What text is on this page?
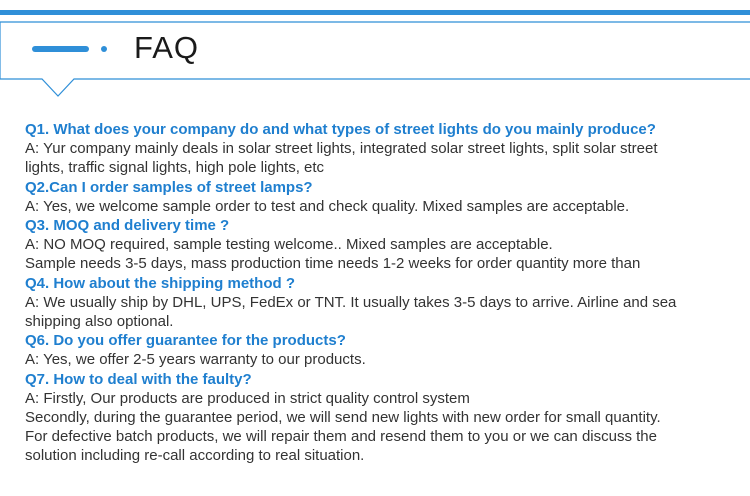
FAQ
Q1. What does your company do and what types of street lights do you mainly produce?
A: Yur company mainly deals in solar street lights, integrated solar street lights, split solar street
lights, traffic signal lights, high pole lights, etc
Q2.Can I order samples of street lamps?
A: Yes, we welcome sample order to test and check quality. Mixed samples are acceptable.
Q3. MOQ and delivery time ?
A: NO MOQ required, sample testing welcome.. Mixed samples are acceptable.
Sample needs 3-5 days, mass production time needs 1-2 weeks for order quantity more than
Q4. How about the shipping method ?
A: We usually ship by DHL, UPS, FedEx or TNT. It usually takes 3-5 days to arrive. Airline and sea
shipping also optional.
Q6. Do you offer guarantee for the products?
A: Yes, we offer 2-5 years warranty to our products.
Q7. How to deal with the faulty?
A: Firstly, Our products are produced in strict quality control system
Secondly, during the guarantee period, we will send new lights with new order for small quantity.
For defective batch products, we will repair them and resend them to you or we can discuss the
solution including re-call according to real situation.
